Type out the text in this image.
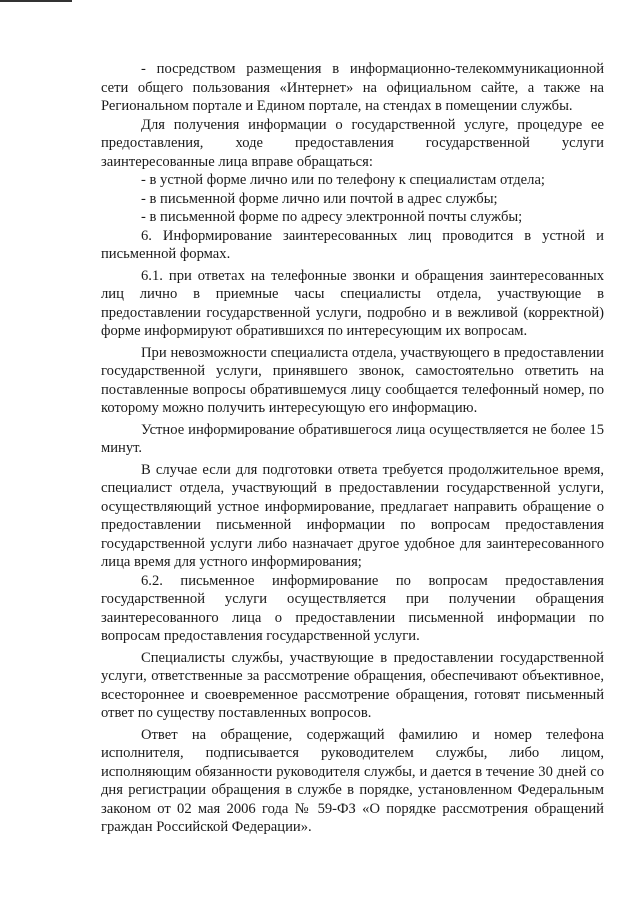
- посредством размещения в информационно-телекоммуникационной сети общего пользования «Интернет» на официальном сайте, а также на Региональном портале и Едином портале, на стендах в помещении службы.

Для получения информации о государственной услуге, процедуре ее предоставления, ходе предоставления государственной услуги заинтересованные лица вправе обращаться:

- в устной форме лично или по телефону к специалистам отдела;

- в письменной форме лично или почтой в адрес службы;

- в письменной форме по адресу электронной почты службы;

6. Информирование заинтересованных лиц проводится в устной и письменной формах.

6.1. при ответах на телефонные звонки и обращения заинтересованных лиц лично в приемные часы специалисты отдела, участвующие в предоставлении государственной услуги, подробно и в вежливой (корректной) форме информируют обратившихся по интересующим их вопросам.

При невозможности специалиста отдела, участвующего в предоставлении государственной услуги, принявшего звонок, самостоятельно ответить на поставленные вопросы обратившемуся лицу сообщается телефонный номер, по которому можно получить интересующую его информацию.

Устное информирование обратившегося лица осуществляется не более 15 минут.

В случае если для подготовки ответа требуется продолжительное время, специалист отдела, участвующий в предоставлении государственной услуги, осуществляющий устное информирование, предлагает направить обращение о предоставлении письменной информации по вопросам предоставления государственной услуги либо назначает другое удобное для заинтересованного лица время для устного информирования;

6.2. письменное информирование по вопросам предоставления государственной услуги осуществляется при получении обращения заинтересованного лица о предоставлении письменной информации по вопросам предоставления государственной услуги.

Специалисты службы, участвующие в предоставлении государственной услуги, ответственные за рассмотрение обращения, обеспечивают объективное, всестороннее и своевременное рассмотрение обращения, готовят письменный ответ по существу поставленных вопросов.

Ответ на обращение, содержащий фамилию и номер телефона исполнителя, подписывается руководителем службы, либо лицом, исполняющим обязанности руководителя службы, и дается в течение 30 дней со дня регистрации обращения в службе в порядке, установленном Федеральным законом от 02 мая 2006 года № 59-ФЗ «О порядке рассмотрения обращений граждан Российской Федерации».
